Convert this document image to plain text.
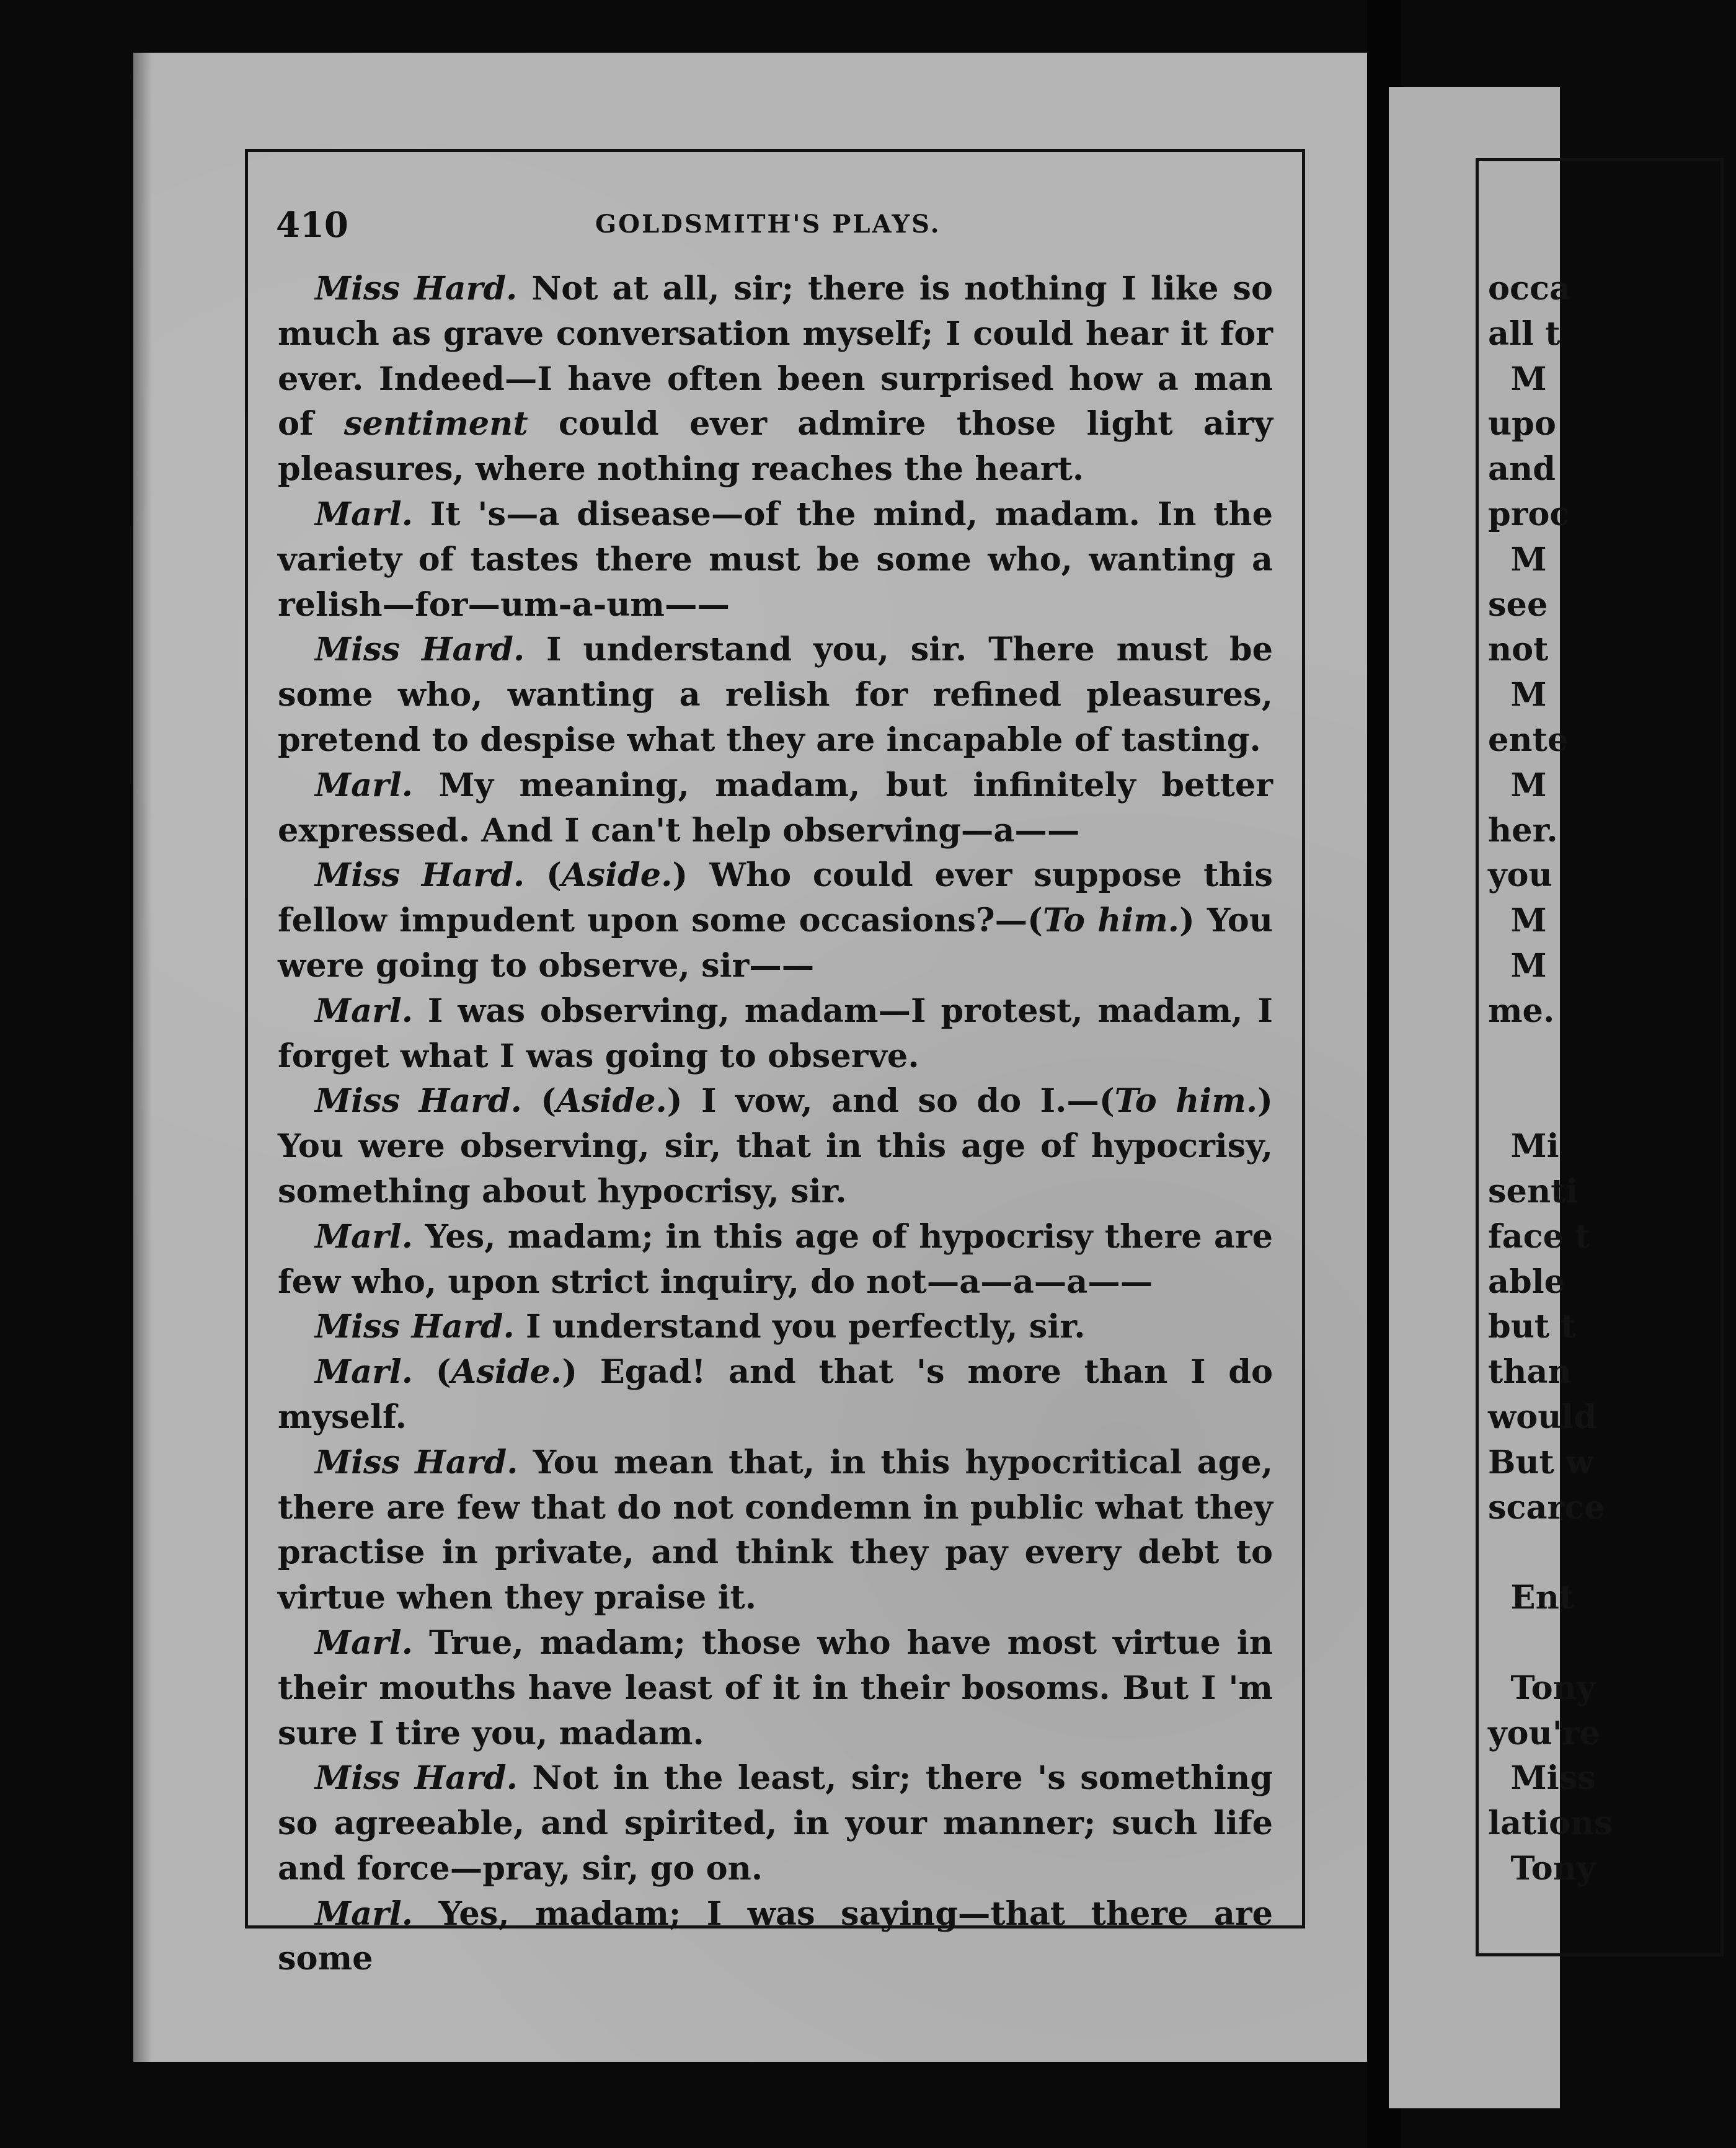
410	GOLDSMITH'S PLAYS.

Miss Hard. Not at all, sir; there is nothing I like so much as grave conversation myself; I could hear it for ever. Indeed—I have often been surprised how a man of sentiment could ever admire those light airy pleasures, where nothing reaches the heart.

Marl. It 's—a disease—of the mind, madam. In the variety of tastes there must be some who, wanting a relish—for—um-a-um——

Miss Hard. I understand you, sir. There must be some who, wanting a relish for refined pleasures, pretend to despise what they are incapable of tasting.

Marl. My meaning, madam, but infinitely better expressed. And I can't help observing—a——

Miss Hard. (Aside.) Who could ever suppose this fellow impudent upon some occasions?—(To him.) You were going to observe, sir——

Marl. I was observing, madam—I protest, madam, I forget what I was going to observe.

Miss Hard. (Aside.) I vow, and so do I.—(To him.) You were observing, sir, that in this age of hypocrisy, something about hypocrisy, sir.

Marl. Yes, madam; in this age of hypocrisy there are few who, upon strict inquiry, do not—a—a—a——

Miss Hard. I understand you perfectly, sir.

Marl. (Aside.) Egad! and that 's more than I do myself.

Miss Hard. You mean that, in this hypocritical age, there are few that do not condemn in public what they practise in private, and think they pay every debt to virtue when they praise it.

Marl. True, madam; those who have most virtue in their mouths have least of it in their bosoms. But I 'm sure I tire you, madam.

Miss Hard. Not in the least, sir; there 's something so agreeable, and spirited, in your manner; such life and force—pray, sir, go on.

Marl. Yes, madam; I was saying—that there are some

occa
all t
M
upo
and
proc
M
see
not
M
ente
M
her.
you
M
M
me.
Mi
senti
face t
able
but t
than
would
But w
scarce
Ent
Tony
you're
Miss
lations
Tony
